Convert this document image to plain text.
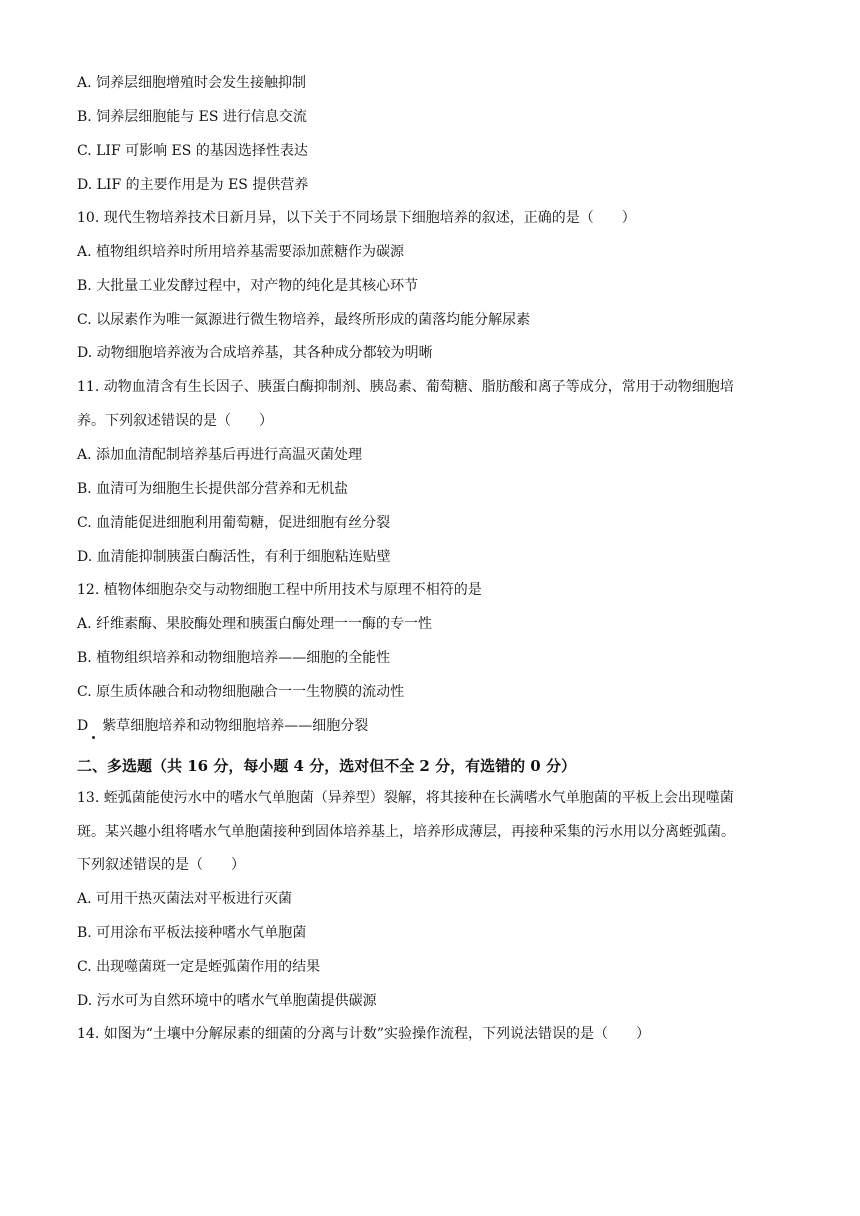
A. 饲养层细胞增殖时会发生接触抑制
B. 饲养层细胞能与 ES 进行信息交流
C. LIF 可影响 ES 的基因选择性表达
D. LIF 的主要作用是为 ES 提供营养
10. 现代生物培养技术日新月异，以下关于不同场景下细胞培养的叙述，正确的是（　　）
A. 植物组织培养时所用培养基需要添加蔗糖作为碳源
B. 大批量工业发酵过程中，对产物的纯化是其核心环节
C. 以尿素作为唯一氮源进行微生物培养，最终所形成的菌落均能分解尿素
D. 动物细胞培养液为合成培养基，其各种成分都较为明晰
11. 动物血清含有生长因子、胰蛋白酶抑制剂、胰岛素、葡萄糖、脂肪酸和离子等成分，常用于动物细胞培
养。下列叙述错误的是（　　）
A. 添加血清配制培养基后再进行高温灭菌处理
B. 血清可为细胞生长提供部分营养和无机盐
C. 血清能促进细胞利用葡萄糖，促进细胞有丝分裂
D. 血清能抑制胰蛋白酶活性，有利于细胞粘连贴壁
12. 植物体细胞杂交与动物细胞工程中所用技术与原理不相符的是
A. 纤维素酶、果胶酶处理和胰蛋白酶处理一一酶的专一性
B. 植物组织培养和动物细胞培养——细胞的全能性
C. 原生质体融合和动物细胞融合一一生物膜的流动性
D　紫草细胞培养和动物细胞培养——细胞分裂
二、多选题（共 16 分，每小题 4 分，选对但不全 2 分，有选错的 0 分）
13. 蛭弧菌能使污水中的嗜水气单胞菌（异养型）裂解，将其接种在长满嗜水气单胞菌的平板上会出现噬菌
斑。某兴趣小组将嗜水气单胞菌接种到固体培养基上，培养形成薄层，再接种采集的污水用以分离蛭弧菌。
下列叙述错误的是（　　）
A. 可用干热灭菌法对平板进行灭菌
B. 可用涂布平板法接种嗜水气单胞菌
C. 出现噬菌斑一定是蛭弧菌作用的结果
D. 污水可为自然环境中的嗜水气单胞菌提供碳源
14. 如图为“土壤中分解尿素的细菌的分离与计数”实验操作流程，下列说法错误的是（　　）
